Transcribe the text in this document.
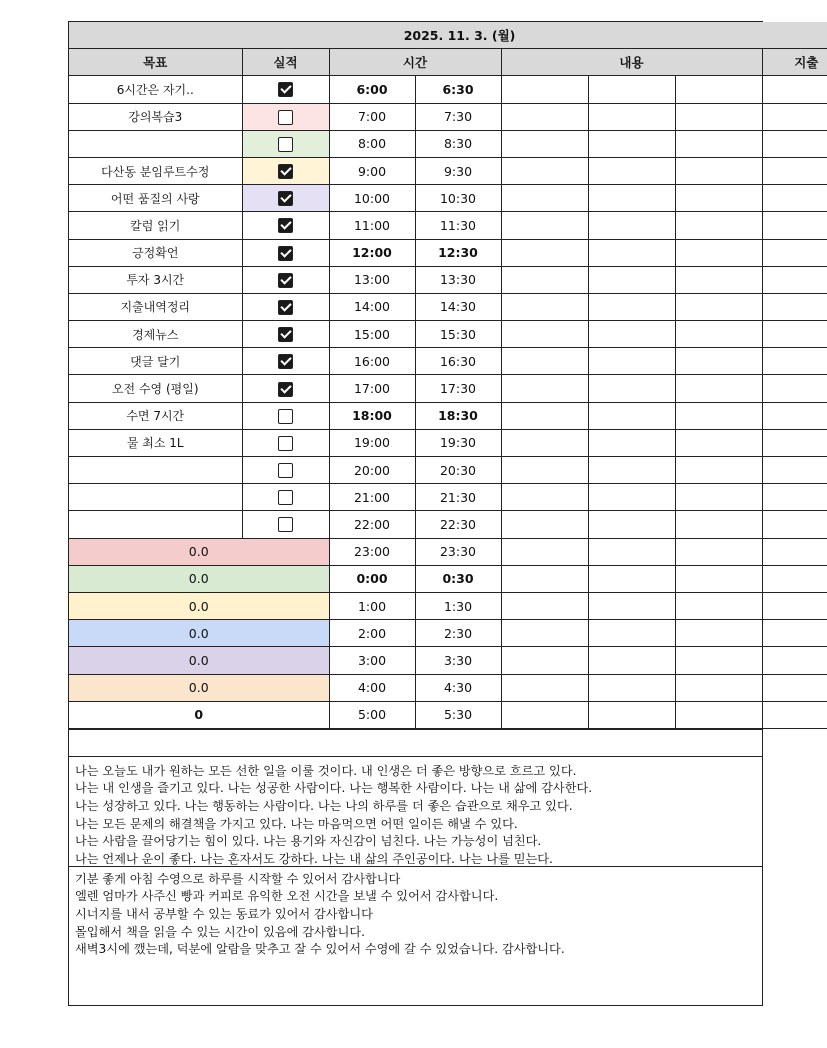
2025. 11. 3. (월)							
목표	실적	시간		내용			지출
6시간은 자기..		6:00	6:30				
강의복습3		7:00	7:30				
		8:00	8:30				
다산동 분임루트수정		9:00	9:30				
어떤 품질의 사랑		10:00	10:30				
칼럼 읽기		11:00	11:30				
긍정확언		12:00	12:30				
투자 3시간		13:00	13:30				
지출내역정리		14:00	14:30				
경제뉴스		15:00	15:30				
댓글 달기		16:00	16:30				
오전 수영 (평일)		17:00	17:30				
수면 7시간		18:00	18:30				
물 최소 1L		19:00	19:30				
		20:00	20:30				
		21:00	21:30				
		22:00	22:30				
0.0		23:00	23:30				
0.0		0:00	0:30				
0.0		1:00	1:30				
0.0		2:00	2:30				
0.0		3:00	3:30				
0.0		4:00	4:30				
0		5:00	5:30				
나는 오늘도 내가 원하는 모든 선한 일을 이룰 것이다. 내 인생은 더 좋은 방향으로 흐르고 있다.
나는 내 인생을 즐기고 있다. 나는 성공한 사람이다. 나는 행복한 사람이다. 나는 내 삶에 감사한다.
나는 성장하고 있다. 나는 행동하는 사람이다. 나는 나의 하루를 더 좋은 습관으로 채우고 있다.
나는 모든 문제의 해결책을 가지고 있다. 나는 마음먹으면 어떤 일이든 해낼 수 있다.
나는 사람을 끌어당기는 힘이 있다. 나는 용기와 자신감이 넘친다. 나는 가능성이 넘친다.
나는 언제나 운이 좋다. 나는 혼자서도 강하다. 나는 내 삶의 주인공이다. 나는 나를 믿는다.
기분 좋게 아침 수영으로 하루를 시작할 수 있어서 감사합니다
엘렌 엄마가 사주신 빵과 커피로 유익한 오전 시간을 보낼 수 있어서 감사합니다.
시너지를 내서 공부할 수 있는 동료가 있어서 감사합니다
몰입해서 책을 읽을 수 있는 시간이 있음에 감사합니다.
새벽3시에 깼는데, 덕분에 알람을 맞추고 잘 수 있어서 수영에 갈 수 있었습니다. 감사합니다.
